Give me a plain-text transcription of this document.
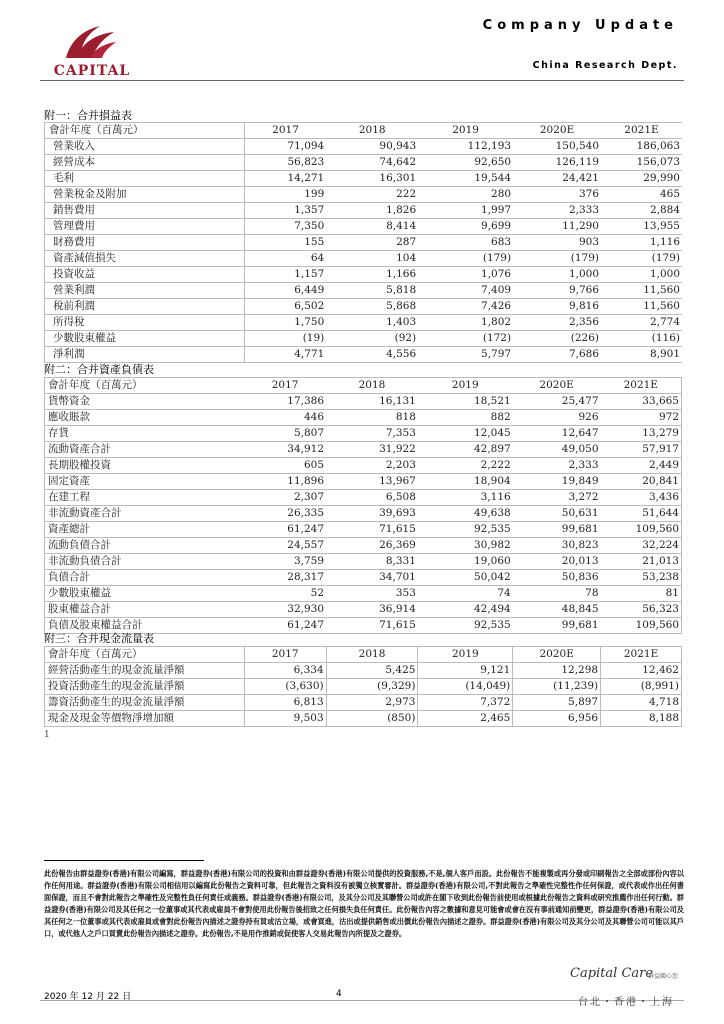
CAPITAL
Company Update
China Research Dept.
附一：合并損益表
會計年度（百萬元）	2017	2018	2019	2020E	2021E
營業收入	71,094	90,943	112,193	150,540	186,063
經營成本	56,823	74,642	92,650	126,119	156,073
毛利	14,271	16,301	19,544	24,421	29,990
營業稅金及附加	199	222	280	376	465
銷售費用	1,357	1,826	1,997	2,333	2,884
管理費用	7,350	8,414	9,699	11,290	13,955
財務費用	155	287	683	903	1,116
資產減值損失	64	104	(179)	(179)	(179)
投資收益	1,157	1,166	1,076	1,000	1,000
營業利潤	6,449	5,818	7,409	9,766	11,560
稅前利潤	6,502	5,868	7,426	9,816	11,560
所得稅	1,750	1,403	1,802	2,356	2,774
少數股東權益	(19)	(92)	(172)	(226)	(116)
淨利潤	4,771	4,556	5,797	7,686	8,901
附二：合并資產負債表
會計年度（百萬元）	2017	2018	2019	2020E	2021E
貨幣資金	17,386	16,131	18,521	25,477	33,665
應收賬款	446	818	882	926	972
存貨	5,807	7,353	12,045	12,647	13,279
流動資產合計	34,912	31,922	42,897	49,050	57,917
長期股權投資	605	2,203	2,222	2,333	2,449
固定資產	11,896	13,967	18,904	19,849	20,841
在建工程	2,307	6,508	3,116	3,272	3,436
非流動資產合計	26,335	39,693	49,638	50,631	51,644
資產總計	61,247	71,615	92,535	99,681	109,560
流動負債合計	24,557	26,369	30,982	30,823	32,224
非流動負債合計	3,759	8,331	19,060	20,013	21,013
負債合計	28,317	34,701	50,042	50,836	53,238
少數股東權益	52	353	74	78	81
股東權益合計	32,930	36,914	42,494	48,845	56,323
負債及股東權益合計	61,247	71,615	92,535	99,681	109,560
附三：合并現金流量表
會計年度（百萬元）	2017	2018	2019	2020E	2021E
經營活動產生的現金流量淨額	6,334	5,425	9,121	12,298	12,462
投資活動產生的現金流量淨額	(3,630)	(9,329)	(14,049)	(11,239)	(8,991)
籌資活動產生的現金流量淨額	6,813	2,973	7,372	5,897	4,718
現金及現金等價物淨增加額	9,503	(850)	2,465	6,956	8,188
1
此份報告由群益證券(香港)有限公司編寫，群益證券(香港)有限公司的投資和由群益證券(香港)有限公司提供的投資服務,不是,個人客戶而設。此份報告不能複製或再分發或印刷報告之全部或部份內容以作任何用途。群益證券(香港)有限公司相信用以編寫此份報告之資料可靠，但此報告之資料沒有被獨立核實審計。群益證券(香港)有限公司,不對此報告之準確性完整性作任何保證，或代表或作出任何書面保證，而且不會對此報告之準確性及完整性負任何責任或義務。群益證券(香港)有限公司，及其分公司及其聯營公司或許在閣下收到此份報告前使用或根據此份報告之資料或研究推薦作出任何行動。群益證券(香港)有限公司及其任何之一位董事或其代表或雇員不會對使用此份報告後招致之任何損失負任何責任。此份報告內容之數據和意見可能會或會在沒有事前通知前變更，群益證券(香港)有限公司及其任何之一位董事或其代表或雇員或會對此份報告內描述之證券持有買或沽立場，或會買進，沽出或提供銷售或出價此份報告內描述之證券。群益證券(香港)有限公司及其分公司及其聯營公司可能以其戶口，或代他人之戶口買賣此份報告內描述之證券。此份報告,不是用作推銷或促使客人交易此報告內所提及之證券。
Capital Care
群益關心您
2020 年 12 月 22 日	4
台北・香港・上海
